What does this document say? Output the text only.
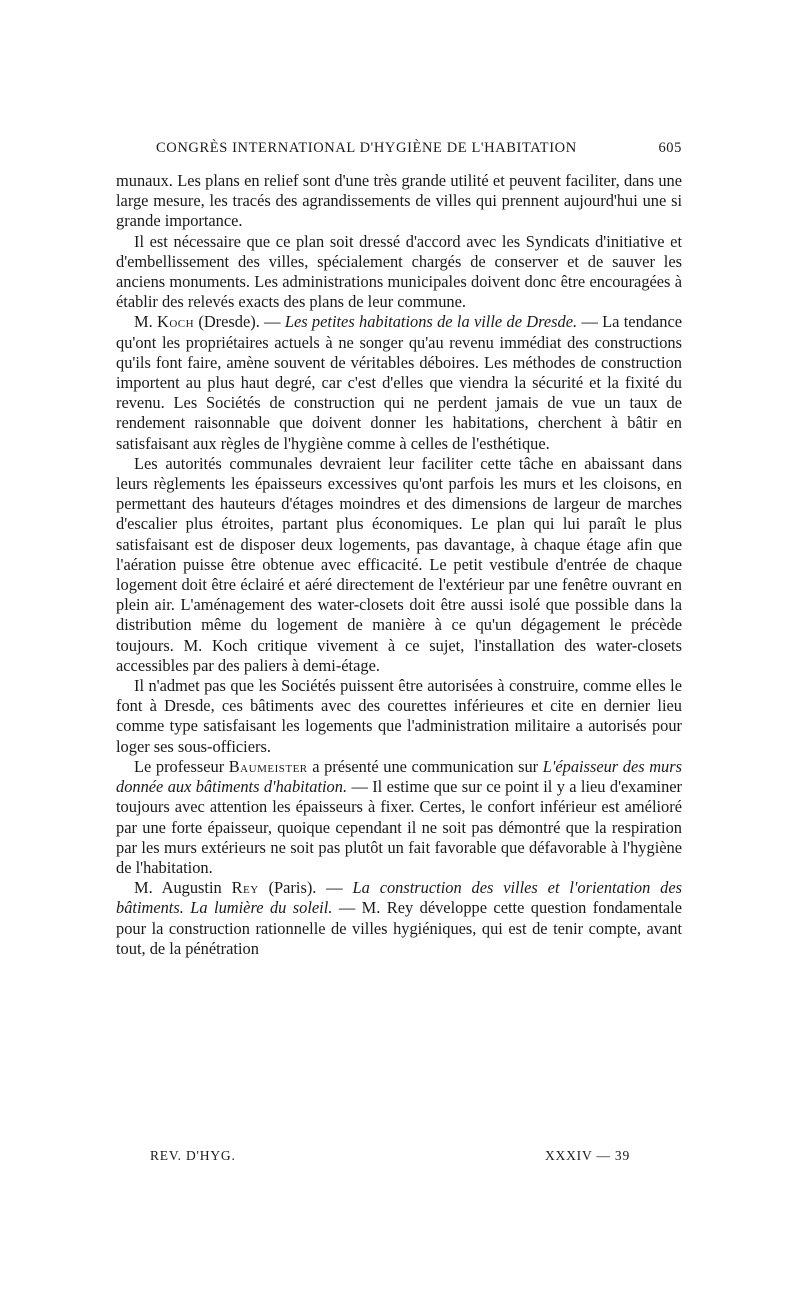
CONGRÈS INTERNATIONAL D'HYGIÈNE DE L'HABITATION	605

munaux. Les plans en relief sont d'une très grande utilité et peuvent faciliter, dans une large mesure, les tracés des agrandissements de villes qui prennent aujourd'hui une si grande importance.

Il est nécessaire que ce plan soit dressé d'accord avec les Syndicats d'initiative et d'embellissement des villes, spécialement chargés de conserver et de sauver les anciens monuments. Les administrations municipales doivent donc être encouragées à établir des relevés exacts des plans de leur commune.

M. Koch (Dresde). — Les petites habitations de la ville de Dresde. — La tendance qu'ont les propriétaires actuels à ne songer qu'au revenu immédiat des constructions qu'ils font faire, amène souvent de véritables déboires. Les méthodes de construction importent au plus haut degré, car c'est d'elles que viendra la sécurité et la fixité du revenu. Les Sociétés de construction qui ne perdent jamais de vue un taux de rendement raisonnable que doivent donner les habitations, cherchent à bâtir en satisfaisant aux règles de l'hygiène comme à celles de l'esthétique.

Les autorités communales devraient leur faciliter cette tâche en abaissant dans leurs règlements les épaisseurs excessives qu'ont parfois les murs et les cloisons, en permettant des hauteurs d'étages moindres et des dimensions de largeur de marches d'escalier plus étroites, partant plus économiques. Le plan qui lui paraît le plus satisfaisant est de disposer deux logements, pas davantage, à chaque étage afin que l'aération puisse être obtenue avec efficacité. Le petit vestibule d'entrée de chaque logement doit être éclairé et aéré directement de l'extérieur par une fenêtre ouvrant en plein air. L'aménagement des water-closets doit être aussi isolé que possible dans la distribution même du logement de manière à ce qu'un dégagement le précède toujours. M. Koch critique vivement à ce sujet, l'installation des water-closets accessibles par des paliers à demi-étage.

Il n'admet pas que les Sociétés puissent être autorisées à construire, comme elles le font à Dresde, ces bâtiments avec des courettes inférieures et cite en dernier lieu comme type satisfaisant les logements que l'administration militaire a autorisés pour loger ses sous-officiers.

Le professeur Baumeister a présenté une communication sur L'épaisseur des murs donnée aux bâtiments d'habitation. — Il estime que sur ce point il y a lieu d'examiner toujours avec attention les épaisseurs à fixer. Certes, le confort inférieur est amélioré par une forte épaisseur, quoique cependant il ne soit pas démontré que la respiration par les murs extérieurs ne soit pas plutôt un fait favorable que défavorable à l'hygiène de l'habitation.

M. Augustin Rey (Paris). — La construction des villes et l'orientation des bâtiments. La lumière du soleil. — M. Rey développe cette question fondamentale pour la construction rationnelle de villes hygiéniques, qui est de tenir compte, avant tout, de la pénétration

REV. D'HYG.	XXXIV — 39
